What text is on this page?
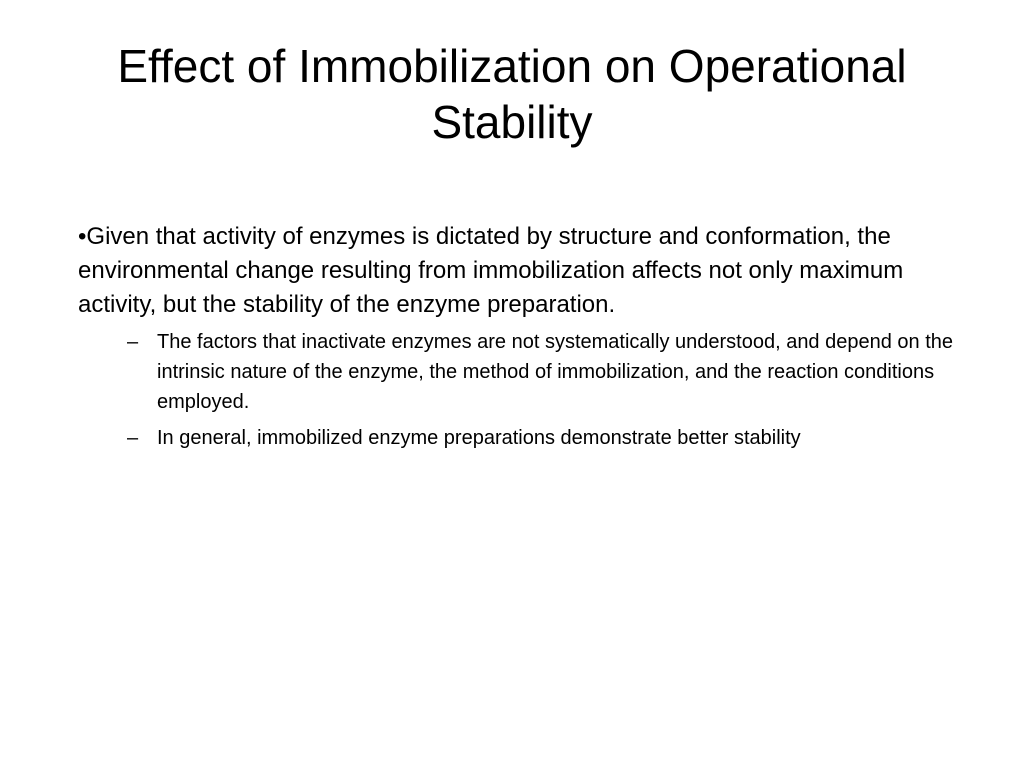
Effect of Immobilization on Operational Stability

•Given that activity of enzymes is dictated by structure and conformation, the environmental change resulting from immobilization affects not only maximum activity, but the stability of the enzyme preparation.

– The factors that inactivate enzymes are not systematically understood, and depend on the intrinsic nature of the enzyme, the method of immobilization, and the reaction conditions employed.
– In general, immobilized enzyme preparations demonstrate better stability
